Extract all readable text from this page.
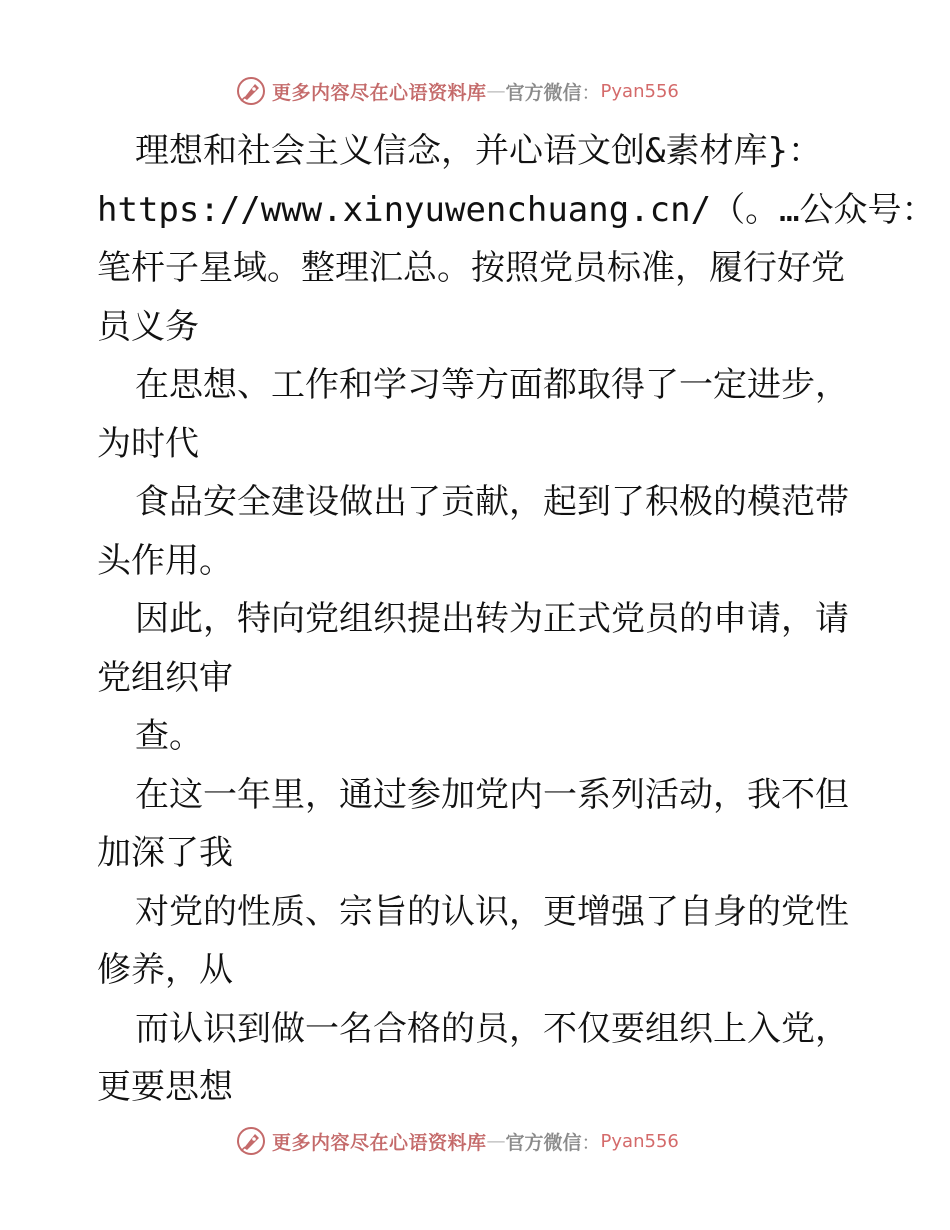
更多内容尽在心语资料库 — 官方微信 ： Pyan556
理想和社会主义信念，并心语文创&素材库}：
https://www.xinyuwenchuang.cn/（。…公众号：
笔杆子星域。整理汇总。按照党员标准，履行好党
员义务
在思想、工作和学习等方面都取得了一定进步，
为时代
食品安全建设做出了贡献，起到了积极的模范带
头作用。
因此，特向党组织提出转为正式党员的申请，请
党组织审
查。
在这一年里，通过参加党内一系列活动，我不但
加深了我
对党的性质、宗旨的认识，更增强了自身的党性
修养，从
而认识到做一名合格的员，不仅要组织上入党，
更要思想
更多内容尽在心语资料库 — 官方微信 ： Pyan556
